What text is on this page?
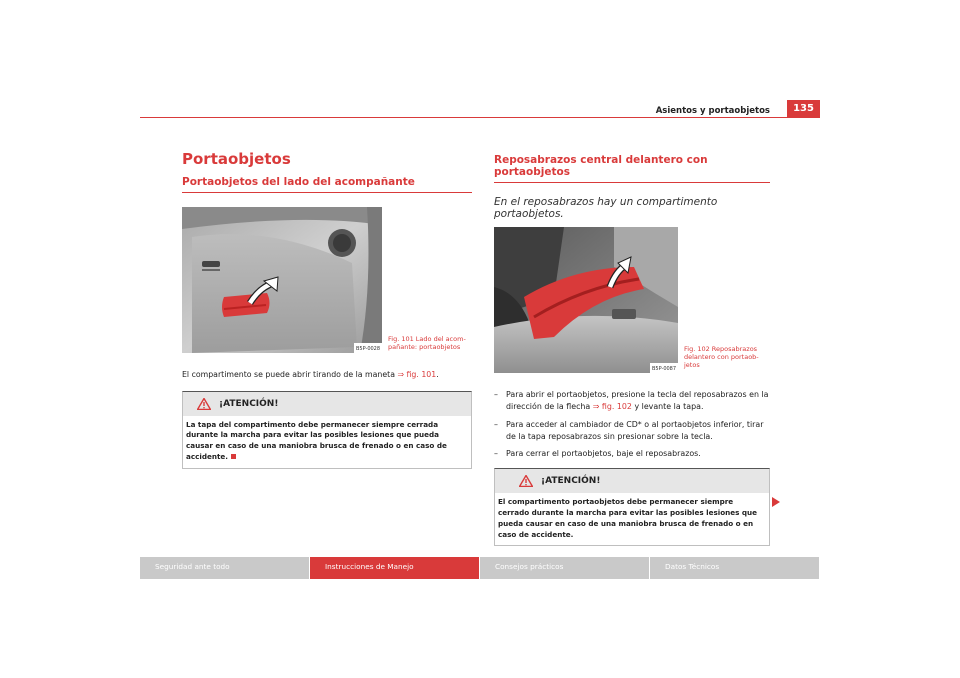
Asientos y portaobjetos	135
Portaobjetos
Portaobjetos del lado del acompañante
B5P-0028
Fig. 101 Lado del acom-pañante: portaobjetos

El compartimento se puede abrir tirando de la maneta ⇒ fig. 101.

¡ATENCIÓN!
La tapa del compartimento debe permanecer siempre cerrada durante la marcha para evitar las posibles lesiones que pueda causar en caso de una maniobra brusca de frenado o en caso de accidente.
Reposabrazos central delantero con portaobjetos
En el reposabrazos hay un compartimento portaobjetos.
B5P-0087
Fig. 102 Reposabrazos delantero con portaob-jetos
–	Para abrir el portaobjetos, presione la tecla del reposabrazos en la dirección de la flecha ⇒ fig. 102 y levante la tapa.
–	Para acceder al cambiador de CD* o al portaobjetos inferior, tirar de la tapa reposabrazos sin presionar sobre la tecla.
–	Para cerrar el portaobjetos, baje el reposabrazos.
¡ATENCIÓN!
El compartimento portaobjetos debe permanecer siempre cerrado durante la marcha para evitar las posibles lesiones que pueda causar en caso de una maniobra brusca de frenado o en caso de accidente.
Seguridad ante todo	Instrucciones de Manejo	Consejos prácticos	Datos Técnicos
